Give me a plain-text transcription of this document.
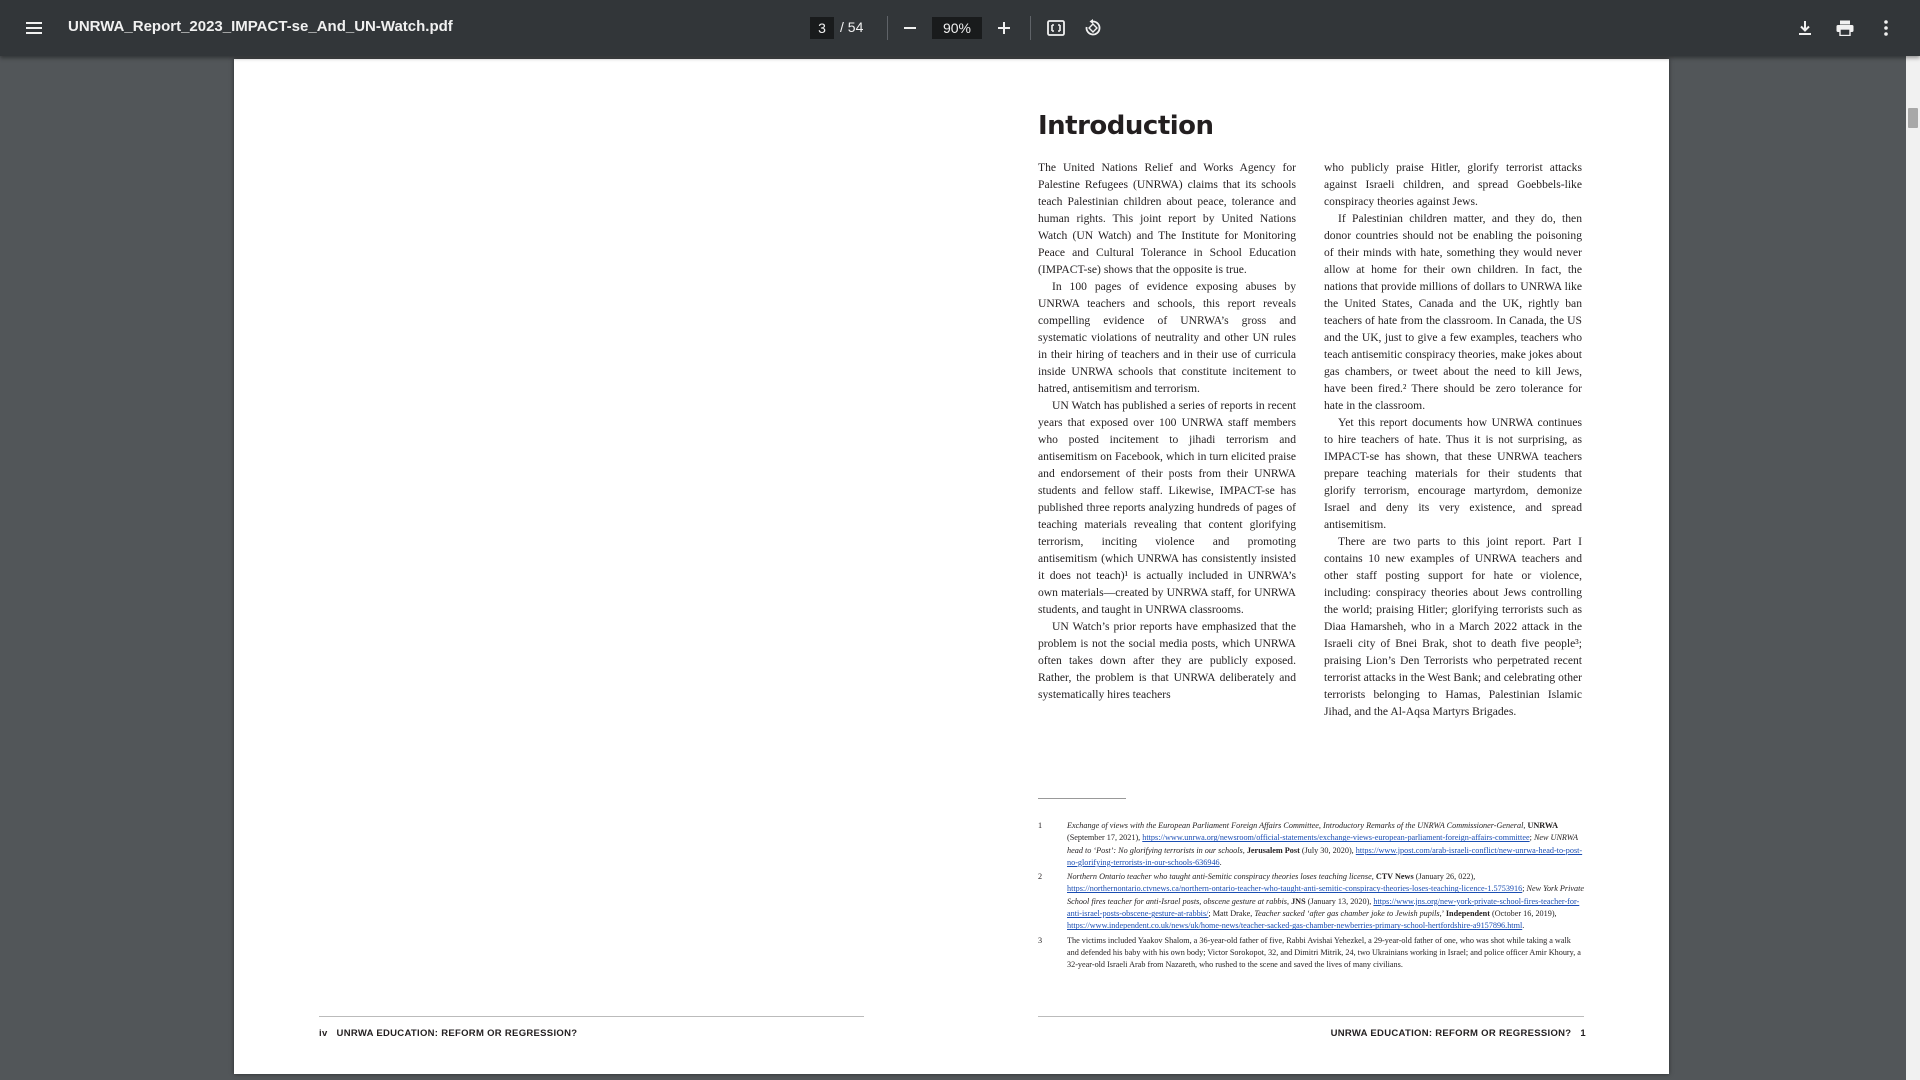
UNRWA_Report_2023_IMPACT-se_And_UN-Watch.pdf
3	/ 54
90%
Introduction

The United Nations Relief and Works Agency for Palestine Refugees (UNRWA) claims that its schools teach Palestinian children about peace, tolerance and human rights. This joint report by United Nations Watch (UN Watch) and The Institute for Monitoring Peace and Cultural Tolerance in School Education (IMPACT-se) shows that the opposite is true.

In 100 pages of evidence exposing abuses by UNRWA teachers and schools, this report reveals compelling evidence of UNRWA’s gross and systematic violations of neutrality and other UN rules in their hiring of teachers and in their use of curricula inside UNRWA schools that constitute incitement to hatred, antisemitism and terrorism.

UN Watch has published a series of reports in recent years that exposed over 100 UNRWA staff members who posted incitement to jihadi terrorism and antisemitism on Facebook, which in turn elicited praise and endorsement of their posts from their UNRWA students and fellow staff. Likewise, IMPACT-se has published three reports analyzing hundreds of pages of teaching materials revealing that content glorifying terrorism, inciting violence and promoting antisemitism (which UNRWA has consistently insisted it does not teach)¹ is actually included in UNRWA’s own materials—created by UNRWA staff, for UNRWA students, and taught in UNRWA classrooms.

UN Watch’s prior reports have emphasized that the problem is not the social media posts, which UNRWA often takes down after they are publicly exposed. Rather, the problem is that UNRWA deliberately and systematically hires teachers

who publicly praise Hitler, glorify terrorist attacks against Israeli children, and spread Goebbels-like conspiracy theories against Jews.

If Palestinian children matter, and they do, then donor countries should not be enabling the poisoning of their minds with hate, something they would never allow at home for their own children. In fact, the nations that provide millions of dollars to UNRWA like the United States, Canada and the UK, rightly ban teachers of hate from the classroom. In Canada, the US and the UK, just to give a few examples, teachers who teach antisemitic conspiracy theories, make jokes about gas chambers, or tweet about the need to kill Jews, have been fired.² There should be zero tolerance for hate in the classroom.

Yet this report documents how UNRWA continues to hire teachers of hate. Thus it is not surprising, as IMPACT-se has shown, that these UNRWA teachers prepare teaching materials for their students that glorify terrorism, encourage martyrdom, demonize Israel and deny its very existence, and spread antisemitism.

There are two parts to this joint report. Part I contains 10 new examples of UNRWA teachers and other staff posting support for hate or violence, including: conspiracy theories about Jews controlling the world; praising Hitler; glorifying terrorists such as Diaa Hamarsheh, who in a March 2022 attack in the Israeli city of Bnei Brak, shot to death five people³; praising Lion’s Den Terrorists who perpetrated recent terrorist attacks in the West Bank; and celebrating other terrorists belonging to Hamas, Palestinian Islamic Jihad, and the Al-Aqsa Martyrs Brigades.

1	Exchange of views with the European Parliament Foreign Affairs Committee, Introductory Remarks of the UNRWA Commissioner-General, UNRWA (September 17, 2021), https://www.unrwa.org/newsroom/official-statements/exchange-views-european-parliament-foreign-affairs-committee; New UNRWA head to ‘Post’: No glorifying terrorists in our schools, Jerusalem Post (July 30, 2020), https://www.jpost.com/arab-israeli-conflict/new-unrwa-head-to-post-no-glorifying-terrorists-in-our-schools-636946.
2	Northern Ontario teacher who taught anti-Semitic conspiracy theories loses teaching license, CTV News (January 26, 022), https://northernontario.ctvnews.ca/northern-ontario-teacher-who-taught-anti-semitic-conspiracy-theories-loses-teaching-licence-1.5753916; New York Private School fires teacher for anti-Israel posts, obscene gesture at rabbis, JNS (January 13, 2020), https://www.jns.org/new-york-private-school-fires-teacher-for-anti-israel-posts-obscene-gesture-at-rabbis/; Matt Drake, Teacher sacked ‘after gas chamber joke to Jewish pupils,’ Independent (October 16, 2019), https://www.independent.co.uk/news/uk/home-news/teacher-sacked-gas-chamber-newberries-primary-school-hertfordshire-a9157896.html.
3	The victims included Yaakov Shalom, a 36-year-old father of five, Rabbi Avishai Yehezkel, a 29-year-old father of one, who was shot while taking a walk and defended his baby with his own body; Victor Sorokopot, 32, and Dimitri Mitrik, 24, two Ukrainians working in Israel; and police officer Amir Khoury, a 32-year-old Israeli Arab from Nazareth, who rushed to the scene and saved the lives of many civilians.
iv UNRWA EDUCATION: REFORM OR REGRESSION?	UNRWA EDUCATION: REFORM OR REGRESSION? 1
